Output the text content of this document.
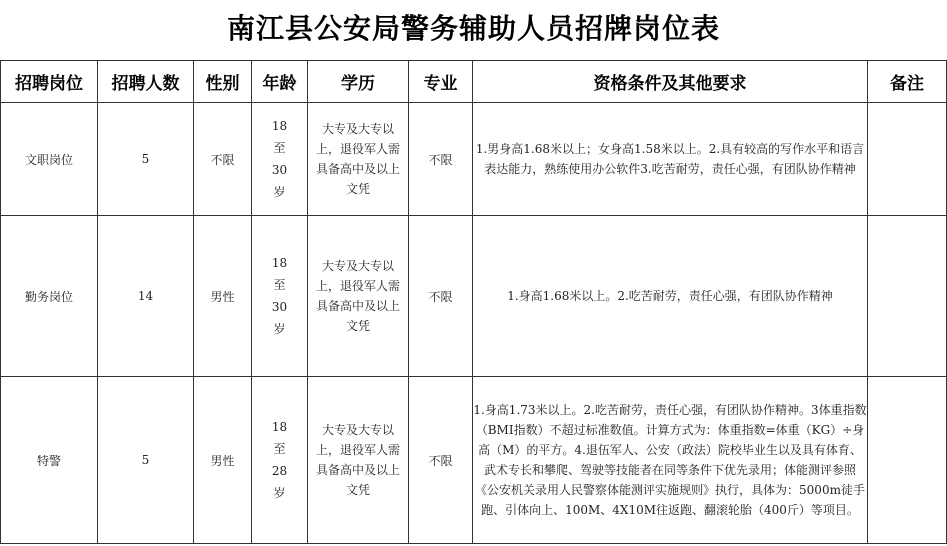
南江县公安局警务辅助人员招牌岗位表
招聘岗位	招聘人数	性别	年龄	学历	专业	资格条件及其他要求	备注
文职岗位	5	不限	18至30岁	大专及大专以上，退役军人需具备高中及以上文凭	不限	1.男身高1.68米以上；女身高1.58米以上。2.具有较高的写作水平和语言表达能力，熟练使用办公软件3.吃苦耐劳，责任心强，有团队协作精神	
勤务岗位	14	男性	18至30岁	大专及大专以上，退役军人需具备高中及以上文凭	不限	1.身高1.68米以上。2.吃苦耐劳，责任心强，有团队协作精神	
特警	5	男性	18至28岁	大专及大专以上，退役军人需具备高中及以上文凭	不限	1.身高1.73米以上。2.吃苦耐劳，责任心强，有团队协作精神。3体重指数（BMI指数）不超过标准数值。计算方式为：体重指数=体重（KG）÷身高（M）的平方。4.退伍军人、公安（政法）院校毕业生以及具有体育、武术专长和攀爬、驾驶等技能者在同等条件下优先录用；体能测评参照《公安机关录用人民警察体能测评实施规则》执行，具体为：5000m徒手跑、引体向上、100M、4X10M往返跑、翻滚轮胎（400斤）等项目。	
